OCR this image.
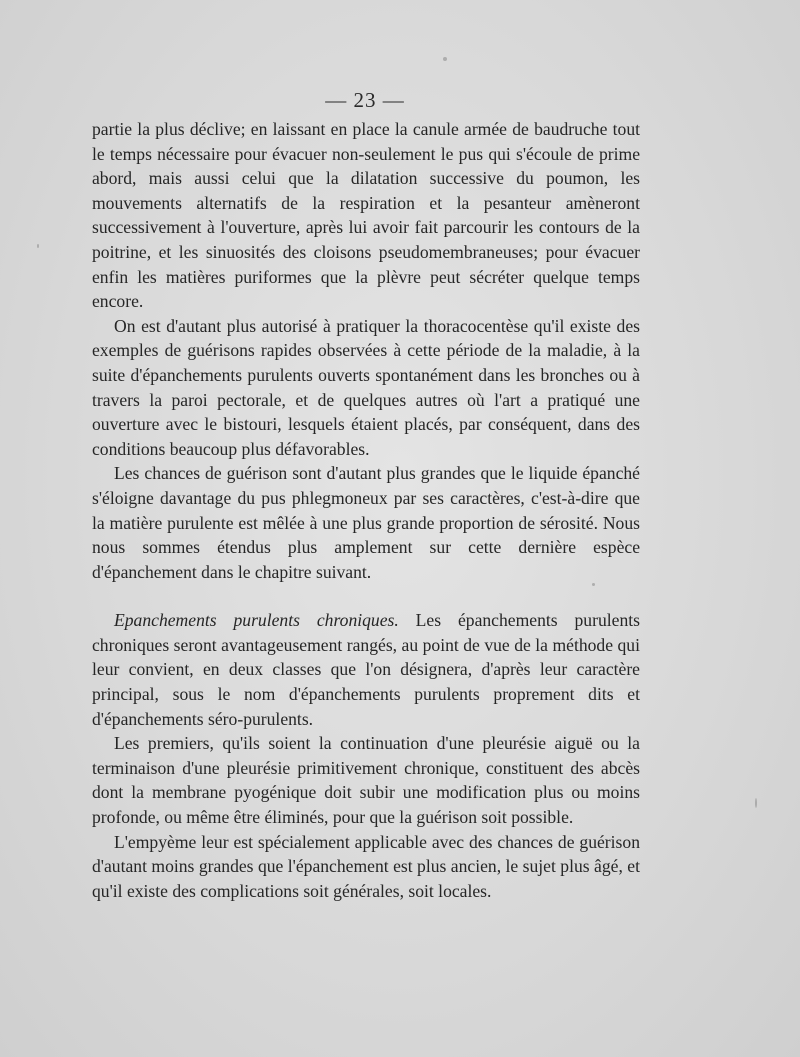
— 23 —

partie la plus déclive; en laissant en place la canule armée de baudruche tout le temps nécessaire pour évacuer non-seulement le pus qui s'écoule de prime abord, mais aussi celui que la dilatation successive du poumon, les mouvements alternatifs de la respiration et la pesanteur amèneront successivement à l'ouverture, après lui avoir fait parcourir les contours de la poitrine, et les sinuosités des cloisons pseudomembraneuses; pour évacuer enfin les matières puriformes que la plèvre peut sécréter quelque temps encore.

On est d'autant plus autorisé à pratiquer la thoracocentèse qu'il existe des exemples de guérisons rapides observées à cette période de la maladie, à la suite d'épanchements purulents ouverts spontanément dans les bronches ou à travers la paroi pectorale, et de quelques autres où l'art a pratiqué une ouverture avec le bistouri, lesquels étaient placés, par conséquent, dans des conditions beaucoup plus défavorables.

Les chances de guérison sont d'autant plus grandes que le liquide épanché s'éloigne davantage du pus phlegmoneux par ses caractères, c'est-à-dire que la matière purulente est mêlée à une plus grande proportion de sérosité. Nous nous sommes étendus plus amplement sur cette dernière espèce d'épanchement dans le chapitre suivant.

Epanchements purulents chroniques. Les épanchements purulents chroniques seront avantageusement rangés, au point de vue de la méthode qui leur convient, en deux classes que l'on désignera, d'après leur caractère principal, sous le nom d'épanchements purulents proprement dits et d'épanchements séro-purulents.

Les premiers, qu'ils soient la continuation d'une pleurésie aiguë ou la terminaison d'une pleurésie primitivement chronique, constituent des abcès dont la membrane pyogénique doit subir une modification plus ou moins profonde, ou même être éliminés, pour que la guérison soit possible.

L'empyème leur est spécialement applicable avec des chances de guérison d'autant moins grandes que l'épanchement est plus ancien, le sujet plus âgé, et qu'il existe des complications soit générales, soit locales.
